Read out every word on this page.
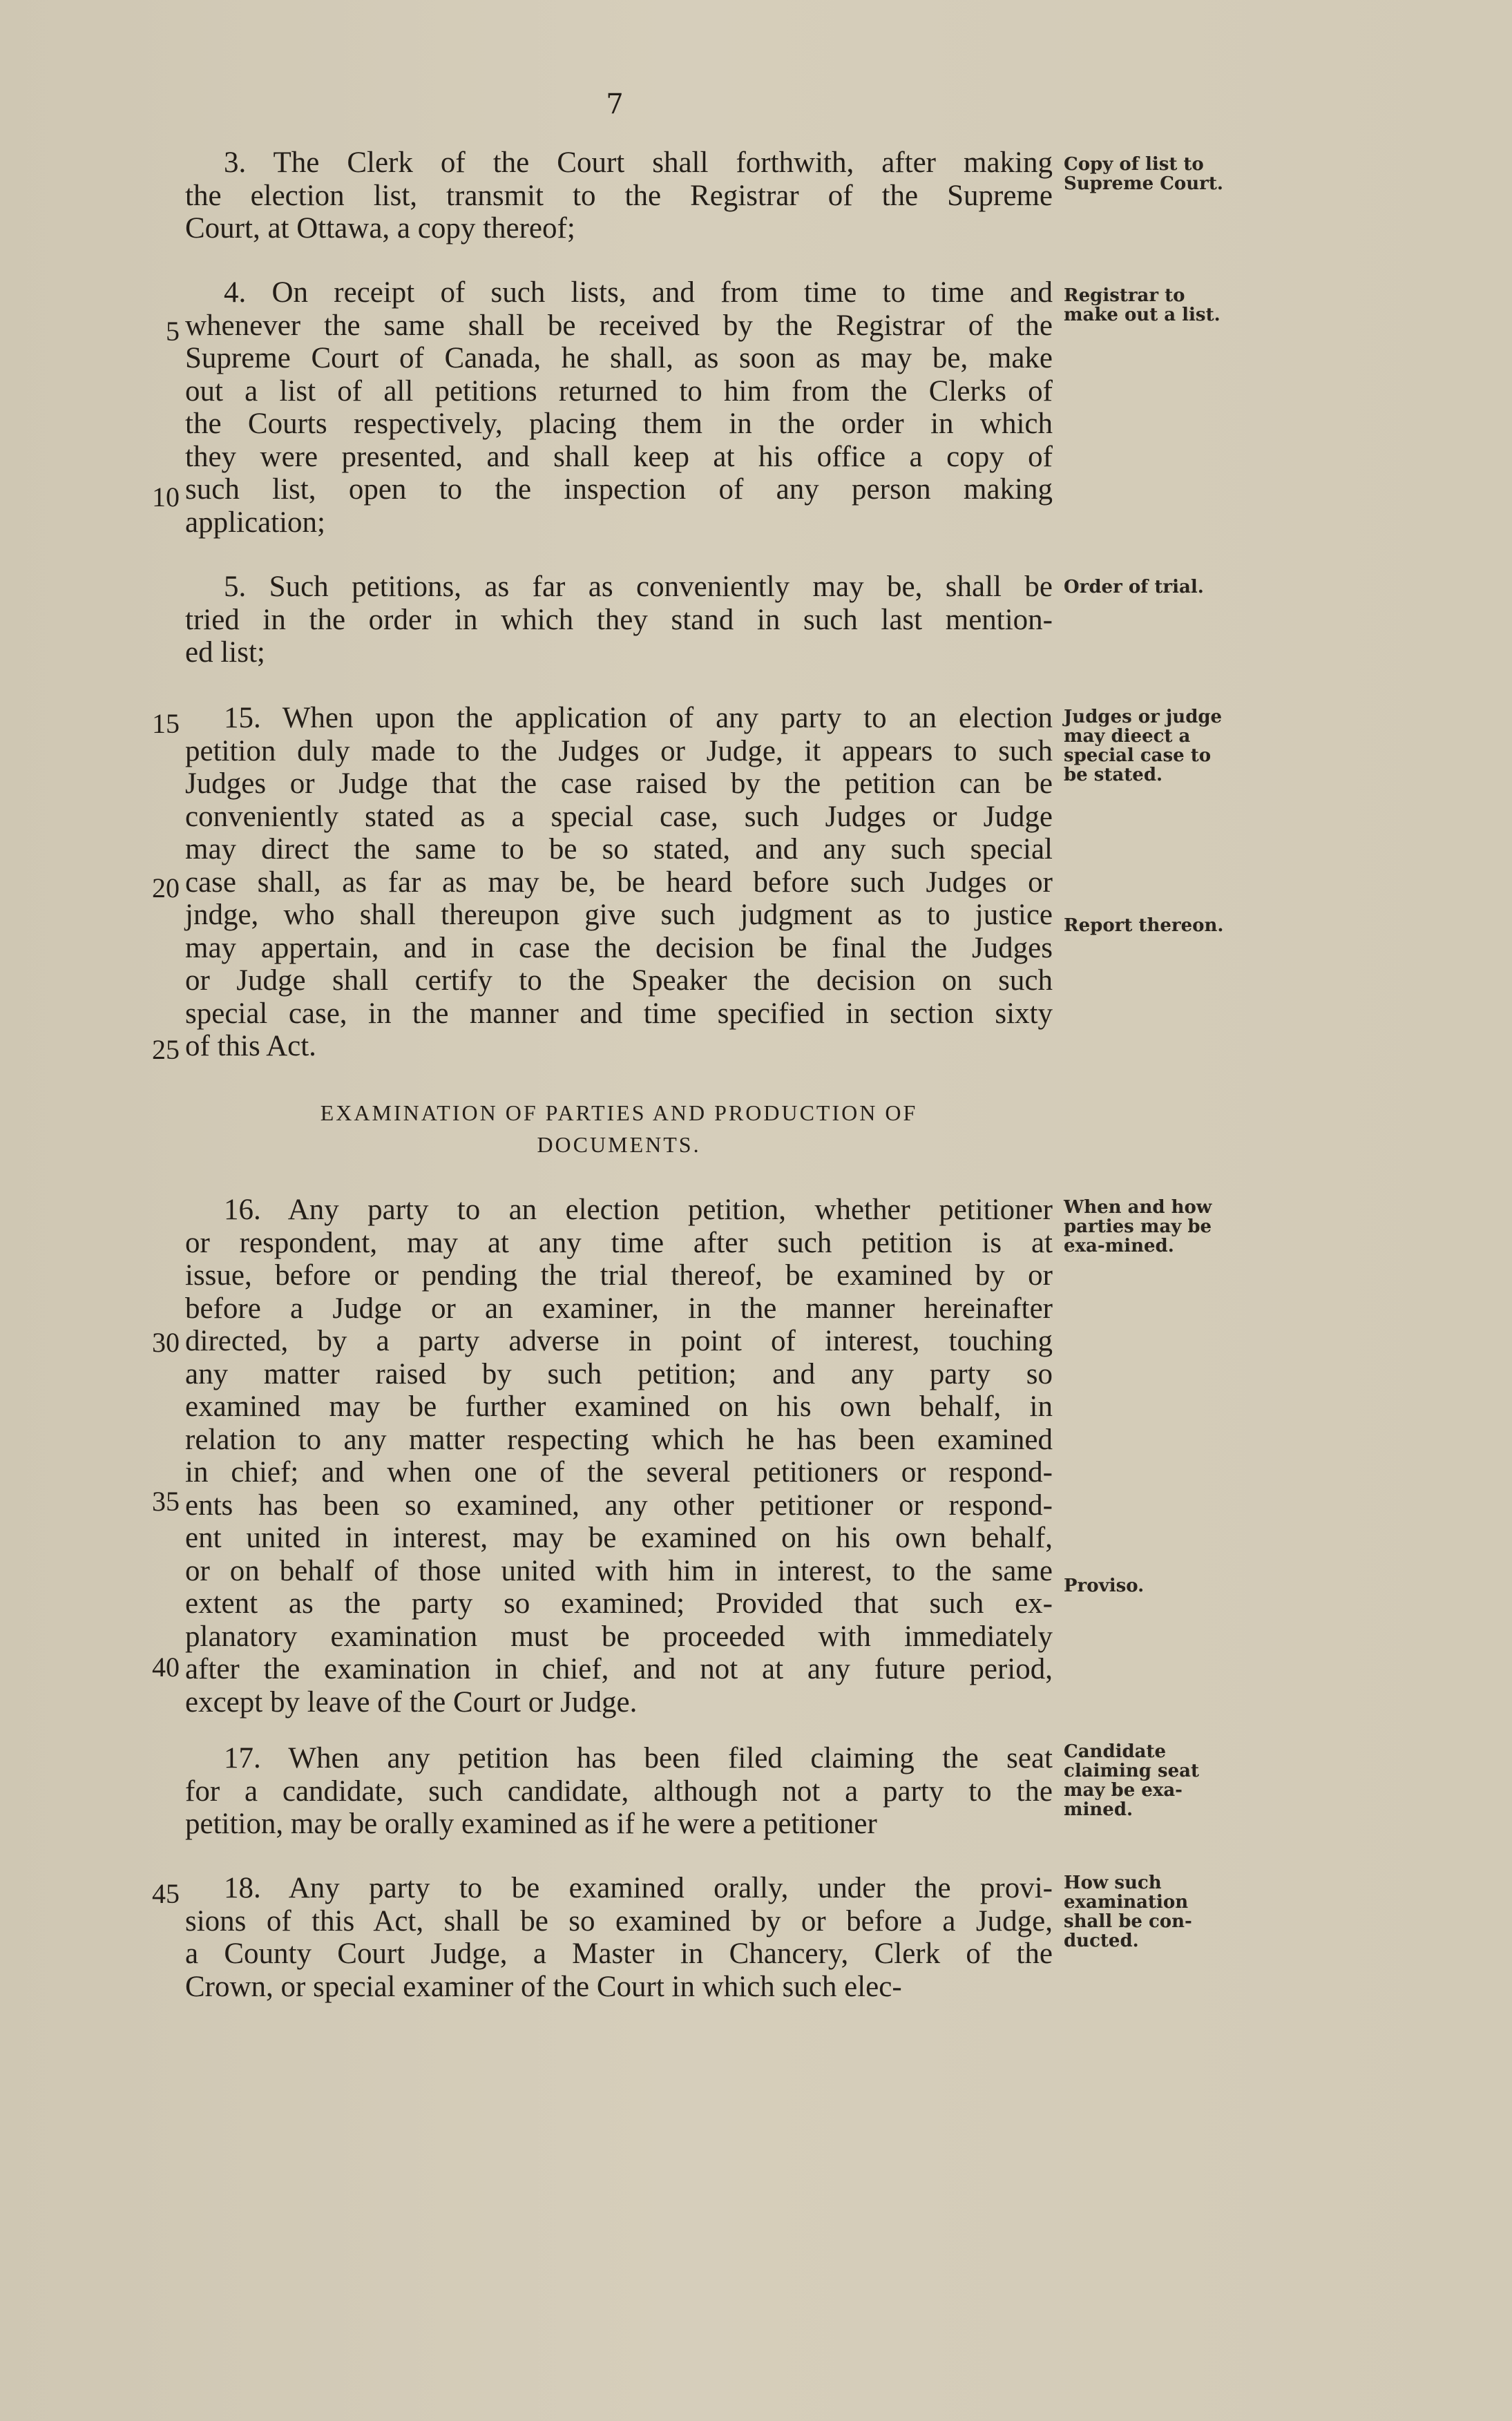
7
3. The Clerk of the Court shall forthwith, after making
the election list, transmit to the Registrar of the Supreme
Court, at Ottawa, a copy thereof;
4. On receipt of such lists, and from time to time and
whenever the same shall be received by the Registrar of the
Supreme Court of Canada, he shall, as soon as may be, make
out a list of all petitions returned to him from the Clerks of
the Courts respectively, placing them in the order in which
they were presented, and shall keep at his office a copy of
such list, open to the inspection of any person making
application;
5. Such petitions, as far as conveniently may be, shall be
tried in the order in which they stand in such last mention-
ed list;
15. When upon the application of any party to an election
petition duly made to the Judges or Judge, it appears to such
Judges or Judge that the case raised by the petition can be
conveniently stated as a special case, such Judges or Judge
may direct the same to be so stated, and any such special
case shall, as far as may be, be heard before such Judges or
jndge, who shall thereupon give such judgment as to justice
may appertain, and in case the decision be final the Judges
or Judge shall certify to the Speaker the decision on such
special case, in the manner and time specified in section sixty
of this Act.
EXAMINATION OF PARTIES AND PRODUCTION OF
DOCUMENTS.
16. Any party to an election petition, whether petitioner
or respondent, may at any time after such petition is at
issue, before or pending the trial thereof, be examined by or
before a Judge or an examiner, in the manner hereinafter
directed, by a party adverse in point of interest, touching
any matter raised by such petition; and any party so
examined may be further examined on his own behalf, in
relation to any matter respecting which he has been examined
in chief; and when one of the several petitioners or respond-
ents has been so examined, any other petitioner or respond-
ent united in interest, may be examined on his own behalf,
or on behalf of those united with him in interest, to the same
extent as the party so examined; Provided that such ex-
planatory examination must be proceeded with immediately
after the examination in chief, and not at any future period,
except by leave of the Court or Judge.
17. When any petition has been filed claiming the seat
for a candidate, such candidate, although not a party to the
petition, may be orally examined as if he were a petitioner
18. Any party to be examined orally, under the provi-
sions of this Act, shall be so examined by or before a Judge,
a County Court Judge, a Master in Chancery, Clerk of the
Crown, or special examiner of the Court in which such elec-
5
10
15
20
25
30
35
40
45
Copy of list to Supreme Court.
Registrar to make out a list.
Order of trial.
Judges or judge may dieect a special case to be stated.
Report thereon.
When and how parties may be exa-mined.
Proviso.
Candidate claiming seat may be exa-mined.
How such examination shall be con-ducted.
